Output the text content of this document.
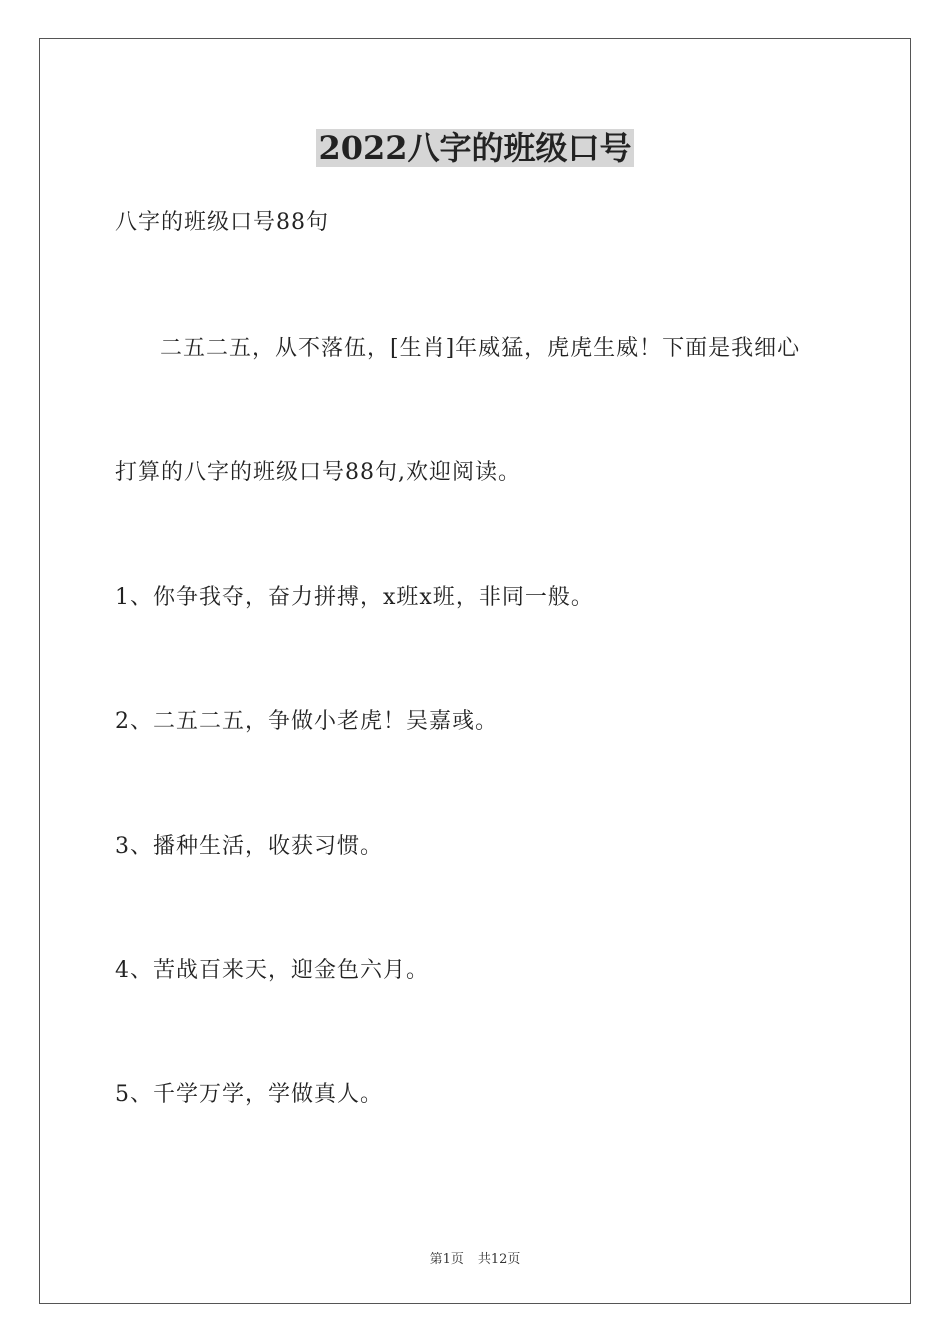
2022八字的班级口号

八字的班级口号88句

二五二五，从不落伍，[生肖]年威猛，虎虎生威！下面是我细心

打算的八字的班级口号88句,欢迎阅读。

1、你争我夺，奋力拼搏，x班x班，非同一般。

2、二五二五，争做小老虎！吴嘉彧。

3、播种生活，收获习惯。

4、苦战百来天，迎金色六月。

5、千学万学，学做真人。

第1页 共12页
